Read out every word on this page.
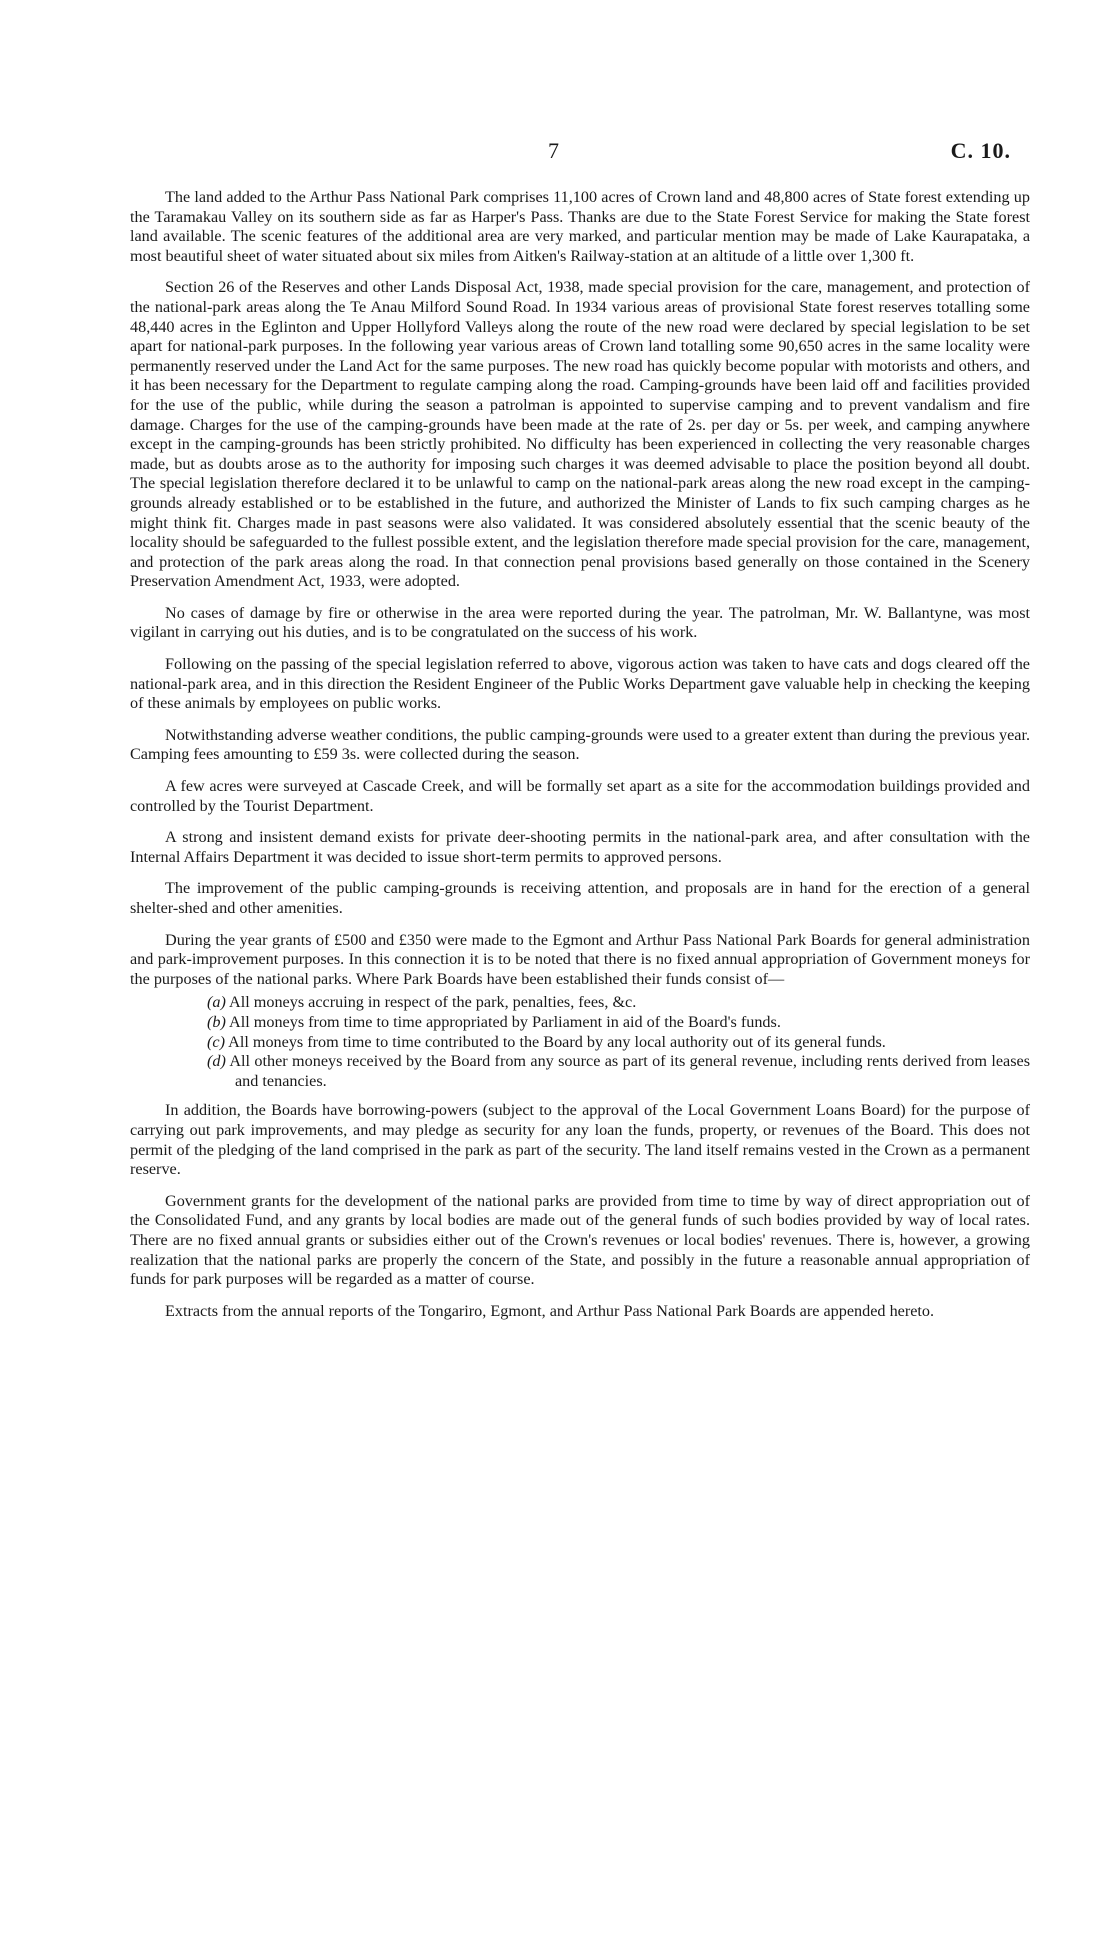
7	C. 10.

The land added to the Arthur Pass National Park comprises 11,100 acres of Crown land and 48,800 acres of State forest extending up the Taramakau Valley on its southern side as far as Harper's Pass. Thanks are due to the State Forest Service for making the State forest land available. The scenic features of the additional area are very marked, and particular mention may be made of Lake Kaurapataka, a most beautiful sheet of water situated about six miles from Aitken's Railway-station at an altitude of a little over 1,300 ft.

Section 26 of the Reserves and other Lands Disposal Act, 1938, made special provision for the care, management, and protection of the national-park areas along the Te Anau Milford Sound Road. In 1934 various areas of provisional State forest reserves totalling some 48,440 acres in the Eglinton and Upper Hollyford Valleys along the route of the new road were declared by special legislation to be set apart for national-park purposes. In the following year various areas of Crown land totalling some 90,650 acres in the same locality were permanently reserved under the Land Act for the same purposes. The new road has quickly become popular with motorists and others, and it has been necessary for the Department to regulate camping along the road. Camping-grounds have been laid off and facilities provided for the use of the public, while during the season a patrolman is appointed to supervise camping and to prevent vandalism and fire damage. Charges for the use of the camping-grounds have been made at the rate of 2s. per day or 5s. per week, and camping anywhere except in the camping-grounds has been strictly prohibited. No difficulty has been experienced in collecting the very reasonable charges made, but as doubts arose as to the authority for imposing such charges it was deemed advisable to place the position beyond all doubt. The special legislation therefore declared it to be unlawful to camp on the national-park areas along the new road except in the camping-grounds already established or to be established in the future, and authorized the Minister of Lands to fix such camping charges as he might think fit. Charges made in past seasons were also validated. It was considered absolutely essential that the scenic beauty of the locality should be safeguarded to the fullest possible extent, and the legislation therefore made special provision for the care, management, and protection of the park areas along the road. In that connection penal provisions based generally on those contained in the Scenery Preservation Amendment Act, 1933, were adopted.

No cases of damage by fire or otherwise in the area were reported during the year. The patrolman, Mr. W. Ballantyne, was most vigilant in carrying out his duties, and is to be congratulated on the success of his work.

Following on the passing of the special legislation referred to above, vigorous action was taken to have cats and dogs cleared off the national-park area, and in this direction the Resident Engineer of the Public Works Department gave valuable help in checking the keeping of these animals by employees on public works.

Notwithstanding adverse weather conditions, the public camping-grounds were used to a greater extent than during the previous year. Camping fees amounting to £59 3s. were collected during the season.

A few acres were surveyed at Cascade Creek, and will be formally set apart as a site for the accommodation buildings provided and controlled by the Tourist Department.

A strong and insistent demand exists for private deer-shooting permits in the national-park area, and after consultation with the Internal Affairs Department it was decided to issue short-term permits to approved persons.

The improvement of the public camping-grounds is receiving attention, and proposals are in hand for the erection of a general shelter-shed and other amenities.

During the year grants of £500 and £350 were made to the Egmont and Arthur Pass National Park Boards for general administration and park-improvement purposes. In this connection it is to be noted that there is no fixed annual appropriation of Government moneys for the purposes of the national parks. Where Park Boards have been established their funds consist of—

(a) All moneys accruing in respect of the park, penalties, fees, &c.

(b) All moneys from time to time appropriated by Parliament in aid of the Board's funds.

(c) All moneys from time to time contributed to the Board by any local authority out of its general funds.

(d) All other moneys received by the Board from any source as part of its general revenue, including rents derived from leases and tenancies.

In addition, the Boards have borrowing-powers (subject to the approval of the Local Government Loans Board) for the purpose of carrying out park improvements, and may pledge as security for any loan the funds, property, or revenues of the Board. This does not permit of the pledging of the land comprised in the park as part of the security. The land itself remains vested in the Crown as a permanent reserve.

Government grants for the development of the national parks are provided from time to time by way of direct appropriation out of the Consolidated Fund, and any grants by local bodies are made out of the general funds of such bodies provided by way of local rates. There are no fixed annual grants or subsidies either out of the Crown's revenues or local bodies' revenues. There is, however, a growing realization that the national parks are properly the concern of the State, and possibly in the future a reasonable annual appropriation of funds for park purposes will be regarded as a matter of course.

Extracts from the annual reports of the Tongariro, Egmont, and Arthur Pass National Park Boards are appended hereto.
